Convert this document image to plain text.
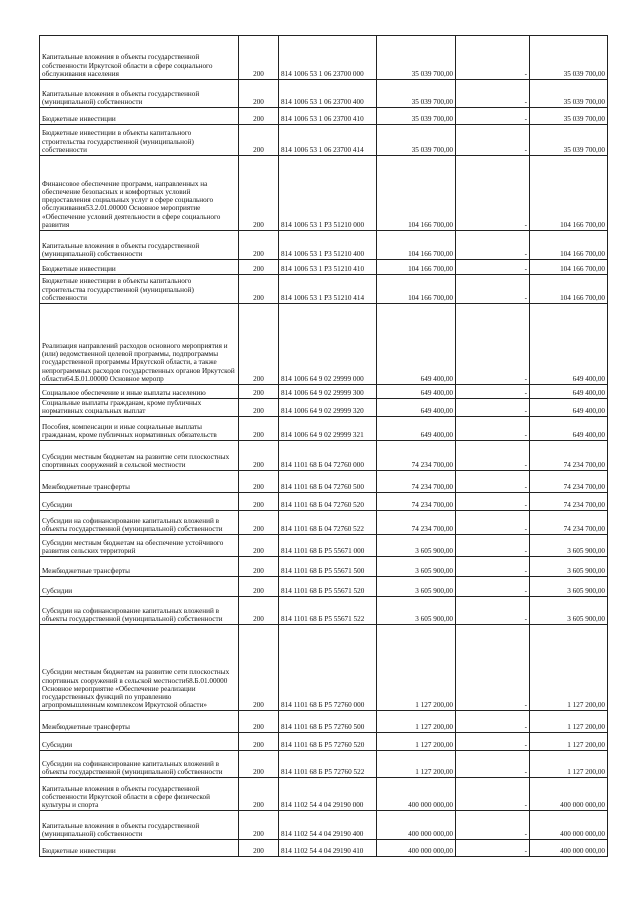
Капитальные вложения в объекты государственной собственности Иркутской области в сфере социального обслуживания населения	200	814 1006 53 1 06 23700 000	35 039 700,00	-	35 039 700,00
Капитальные вложения в объекты государственной (муниципальной) собственности	200	814 1006 53 1 06 23700 400	35 039 700,00	-	35 039 700,00
Бюджетные инвестиции	200	814 1006 53 1 06 23700 410	35 039 700,00	-	35 039 700,00
Бюджетные инвестиции в объекты капитального строительства государственной (муниципальной) собственности	200	814 1006 53 1 06 23700 414	35 039 700,00	-	35 039 700,00
Финансовое обеспечение программ, направленных на обеспечение безопасных и комфортных условий предоставления социальных услуг в сфере социального обслуживания53.2.01.00000 Основное мероприятие «Обеспечение условий деятельности в сфере социального развития	200	814 1006 53 1 P3 51210 000	104 166 700,00	-	104 166 700,00
Капитальные вложения в объекты государственной (муниципальной) собственности	200	814 1006 53 1 P3 51210 400	104 166 700,00	-	104 166 700,00
Бюджетные инвестиции	200	814 1006 53 1 P3 51210 410	104 166 700,00	-	104 166 700,00
Бюджетные инвестиции в объекты капитального строительства государственной (муниципальной) собственности	200	814 1006 53 1 P3 51210 414	104 166 700,00	-	104 166 700,00
Реализация направлений расходов основного мероприятия и (или) ведомственной целевой программы, подпрограммы государственной программы Иркутской области, а также непрограммных расходов государственных органов Иркутской области64.Б.01.00000 Основное меропр	200	814 1006 64 9 02 29999 000	649 400,00	-	649 400,00
Социальное обеспечение и иные выплаты населению	200	814 1006 64 9 02 29999 300	649 400,00	-	649 400,00
Социальные выплаты гражданам, кроме публичных нормативных социальных выплат	200	814 1006 64 9 02 29999 320	649 400,00	-	649 400,00
Пособия, компенсации и иные социальные выплаты гражданам, кроме публичных нормативных обязательств	200	814 1006 64 9 02 29999 321	649 400,00	-	649 400,00
Субсидии местным бюджетам на развитие сети плоскостных спортивных сооружений в сельской местности	200	814 1101 68 Б 04 72760 000	74 234 700,00	-	74 234 700,00
Межбюджетные трансферты	200	814 1101 68 Б 04 72760 500	74 234 700,00	-	74 234 700,00
Субсидии	200	814 1101 68 Б 04 72760 520	74 234 700,00	-	74 234 700,00
Субсидии на софинансирование капитальных вложений в объекты государственной (муниципальной) собственности	200	814 1101 68 Б 04 72760 522	74 234 700,00	-	74 234 700,00
Субсидии местным бюджетам на обеспечение устойчивого развития сельских территорий	200	814 1101 68 Б P5 55671 000	3 605 900,00	-	3 605 900,00
Межбюджетные трансферты	200	814 1101 68 Б P5 55671 500	3 605 900,00	-	3 605 900,00
Субсидии	200	814 1101 68 Б P5 55671 520	3 605 900,00	-	3 605 900,00
Субсидии на софинансирование капитальных вложений в объекты государственной (муниципальной) собственности	200	814 1101 68 Б P5 55671 522	3 605 900,00	-	3 605 900,00
Субсидии местным бюджетам на развитие сети плоскостных спортивных сооружений в сельской местности68.Б.01.00000 Основное мероприятие «Обеспечение реализации государственных функций по управлению агропромышленным комплексом Иркутской области»	200	814 1101 68 Б P5 72760 000	1 127 200,00	-	1 127 200,00
Межбюджетные трансферты	200	814 1101 68 Б P5 72760 500	1 127 200,00	-	1 127 200,00
Субсидии	200	814 1101 68 Б P5 72760 520	1 127 200,00	-	1 127 200,00
Субсидии на софинансирование капитальных вложений в объекты государственной (муниципальной) собственности	200	814 1101 68 Б P5 72760 522	1 127 200,00	-	1 127 200,00
Капитальные вложения в объекты государственной собственности Иркутской области в сфере физической культуры и спорта	200	814 1102 54 4 04 29190 000	400 000 000,00	-	400 000 000,00
Капитальные вложения в объекты государственной (муниципальной) собственности	200	814 1102 54 4 04 29190 400	400 000 000,00	-	400 000 000,00
Бюджетные инвестиции	200	814 1102 54 4 04 29190 410	400 000 000,00	-	400 000 000,00
